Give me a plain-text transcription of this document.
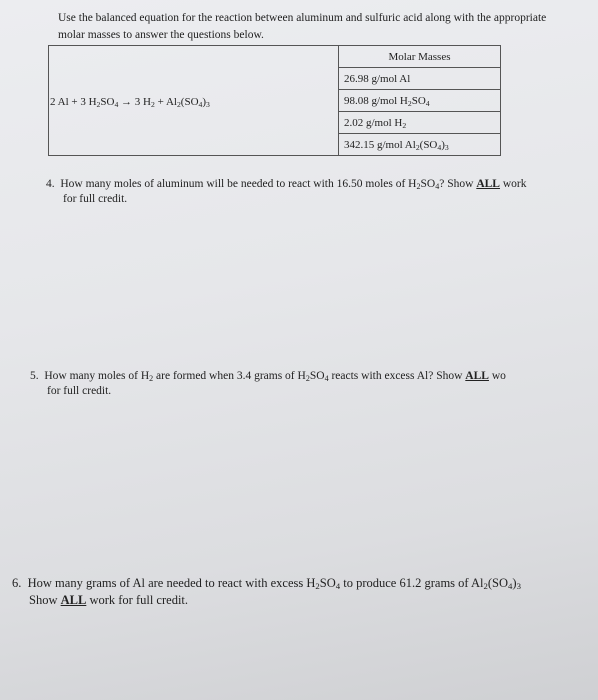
Use the balanced equation for the reaction between aluminum and sulfuric acid along with the appropriate
molar masses to answer the questions below.
2 Al + 3 $H_2SO_4 \to 3$ $H_2 + Al_2(SO_4)_3$
Molar Masses
26.98 g/mol Al
98.08 g/mol $H_2SO_4$
2.02 g/mol $H_2$
342.15 g/mol $Al_2(SO_4)_3$
4. How many moles of aluminum will be needed to react with 16.50 moles of $H_2SO_4$? Show ALL work
for full credit.
5. How many moles of $H_2$ are formed when 3.4 grams of $H_2SO_4$ reacts with excess Al? Show ALL wo
for full credit.
6. How many grams of Al are needed to react with excess $H_2SO_4$ to produce 61.2 grams of $Al_2(SO_4)_3$
Show ALL work for full credit.
